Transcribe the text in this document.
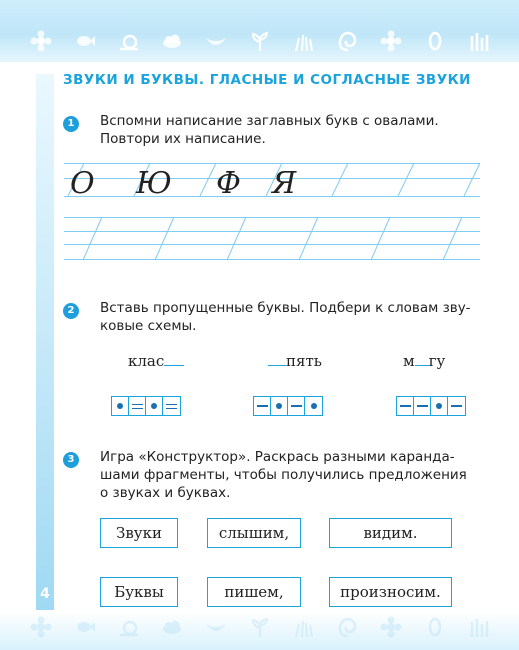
4
ЗВУКИ И БУКВЫ. ГЛАСНЫЕ И СОГЛАСНЫЕ ЗВУКИ
1	Вспомни написание заглавных букв с овалами.
Повтори их написание.
О Ю Ф Я
2	Вставь пропущенные буквы. Подбери к словам зву-
ковые схемы.
клас	пять	м гу
3	Игра «Конструктор». Раскрась разными каранда-
шами фрагменты, чтобы получились предложения
о звуках и буквах.
Звуки	слышим,	видим.
Буквы	пишем,	произносим.
